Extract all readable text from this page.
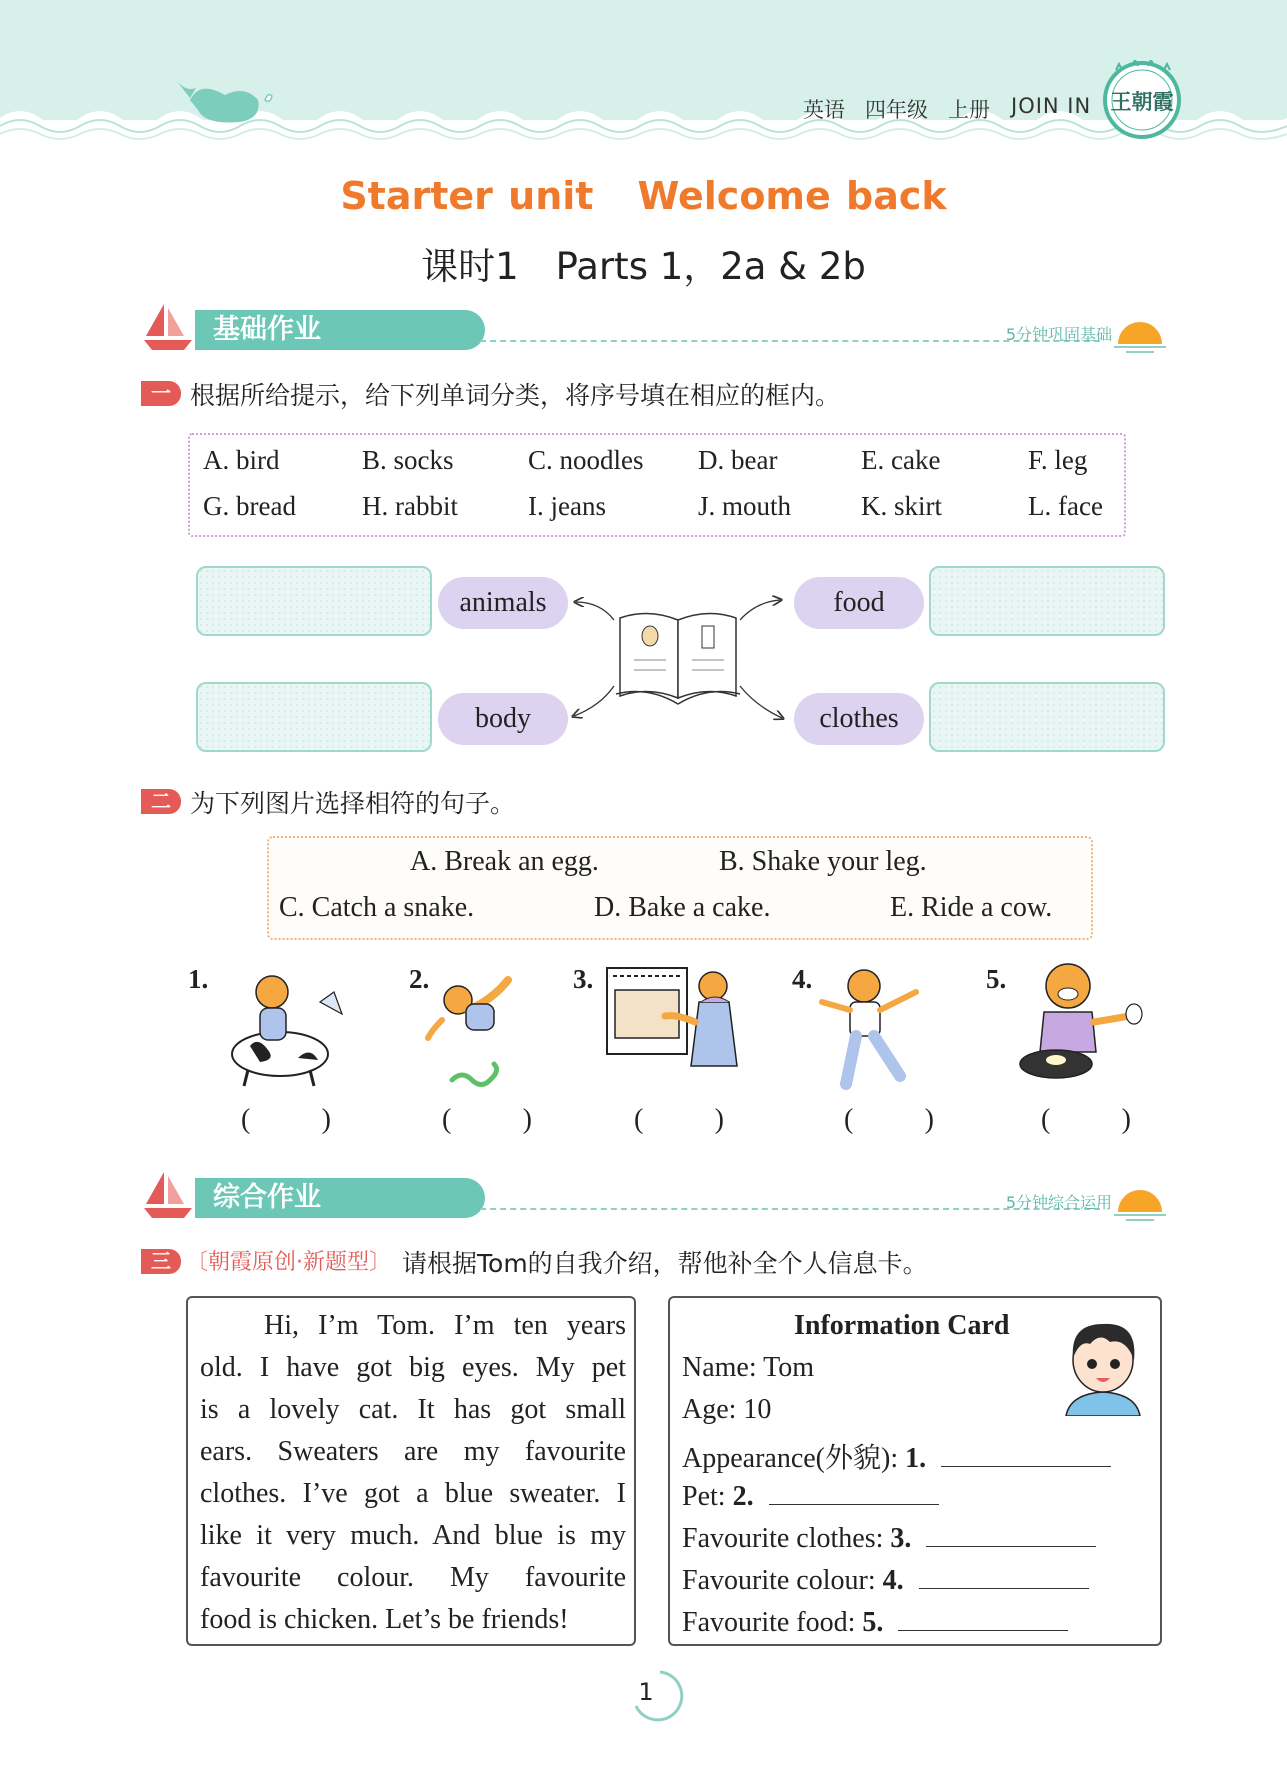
英语 四年级 上册 JOIN IN 王朝霞
Starter unit Welcome back
课时1　Parts 1，2a & 2b
基础作业	5分钟巩固基础
一 根据所给提示，给下列单词分类，将序号填在相应的框内。
A. bird	B. socks	C. noodles D. bear	E. cake	F. leg
G. bread H. rabbit	I. jeans	J. mouth	K. skirt	L. face
animals	food
body	clothes
二 为下列图片选择相符的句子。
A. Break an egg.	B. Shake your leg.
C. Catch a snake.	D. Bake a cake.	E. Ride a cow.
1.	2.	3.	4.	5.
(	)	(	)	(	)	(	)	(	)
综合作业	5分钟综合运用
三 〔朝霞原创·新题型〕 请根据Tom的自我介绍，帮他补全个人信息卡。
Hi, I’m Tom. I’m ten years
old. I have got big eyes. My pet
is a lovely cat. It has got small
ears. Sweaters are my favourite
clothes. I’ve got a blue sweater. I
like it very much. And blue is my
favourite colour. My favourite
food is chicken. Let’s be friends!
Information Card
Name: Tom
Age: 10
Appearance(外貌): 1.
Pet: 2.
Favourite clothes: 3.
Favourite colour: 4.
Favourite food: 5.
1
